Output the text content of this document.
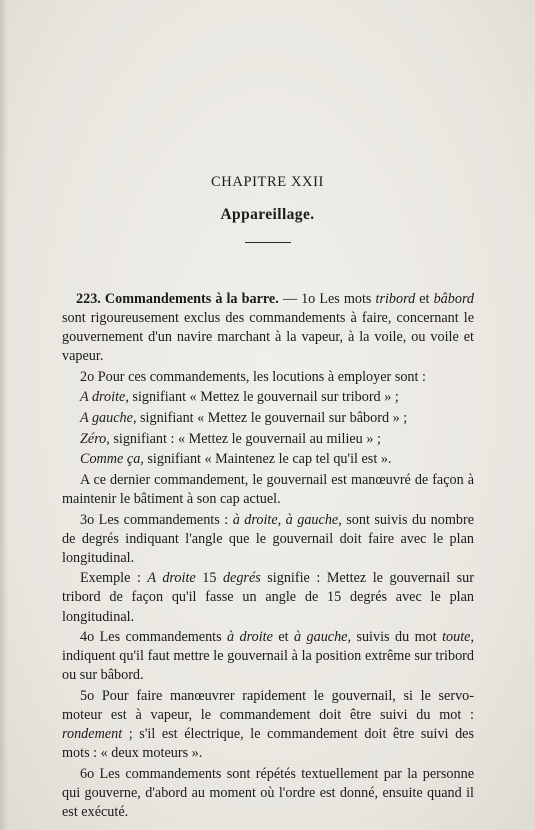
CHAPITRE XXII
Appareillage.

223. Commandements à la barre. — 1o Les mots tribord et bâbord sont rigoureusement exclus des commandements à faire, concernant le gouvernement d'un navire marchant à la vapeur, à la voile, ou voile et vapeur.

2o Pour ces commandements, les locutions à employer sont :

A droite, signifiant « Mettez le gouvernail sur tribord » ;

A gauche, signifiant « Mettez le gouvernail sur bâbord » ;

Zéro, signifiant : « Mettez le gouvernail au milieu » ;

Comme ça, signifiant « Maintenez le cap tel qu'il est ».

A ce dernier commandement, le gouvernail est manœuvré de façon à maintenir le bâtiment à son cap actuel.

3o Les commandements : à droite, à gauche, sont suivis du nombre de degrés indiquant l'angle que le gouvernail doit faire avec le plan longitudinal.

Exemple : A droite 15 degrés signifie : Mettez le gouvernail sur tribord de façon qu'il fasse un angle de 15 degrés avec le plan longitudinal.

4o Les commandements à droite et à gauche, suivis du mot toute, indiquent qu'il faut mettre le gouvernail à la position extrême sur tribord ou sur bâbord.

5o Pour faire manœuvrer rapidement le gouvernail, si le servo-moteur est à vapeur, le commandement doit être suivi du mot : rondement ; s'il est électrique, le commandement doit être suivi des mots : « deux moteurs ».

6o Les commandements sont répétés textuellement par la personne qui gouverne, d'abord au moment où l'ordre est donné, ensuite quand il est exécuté.
